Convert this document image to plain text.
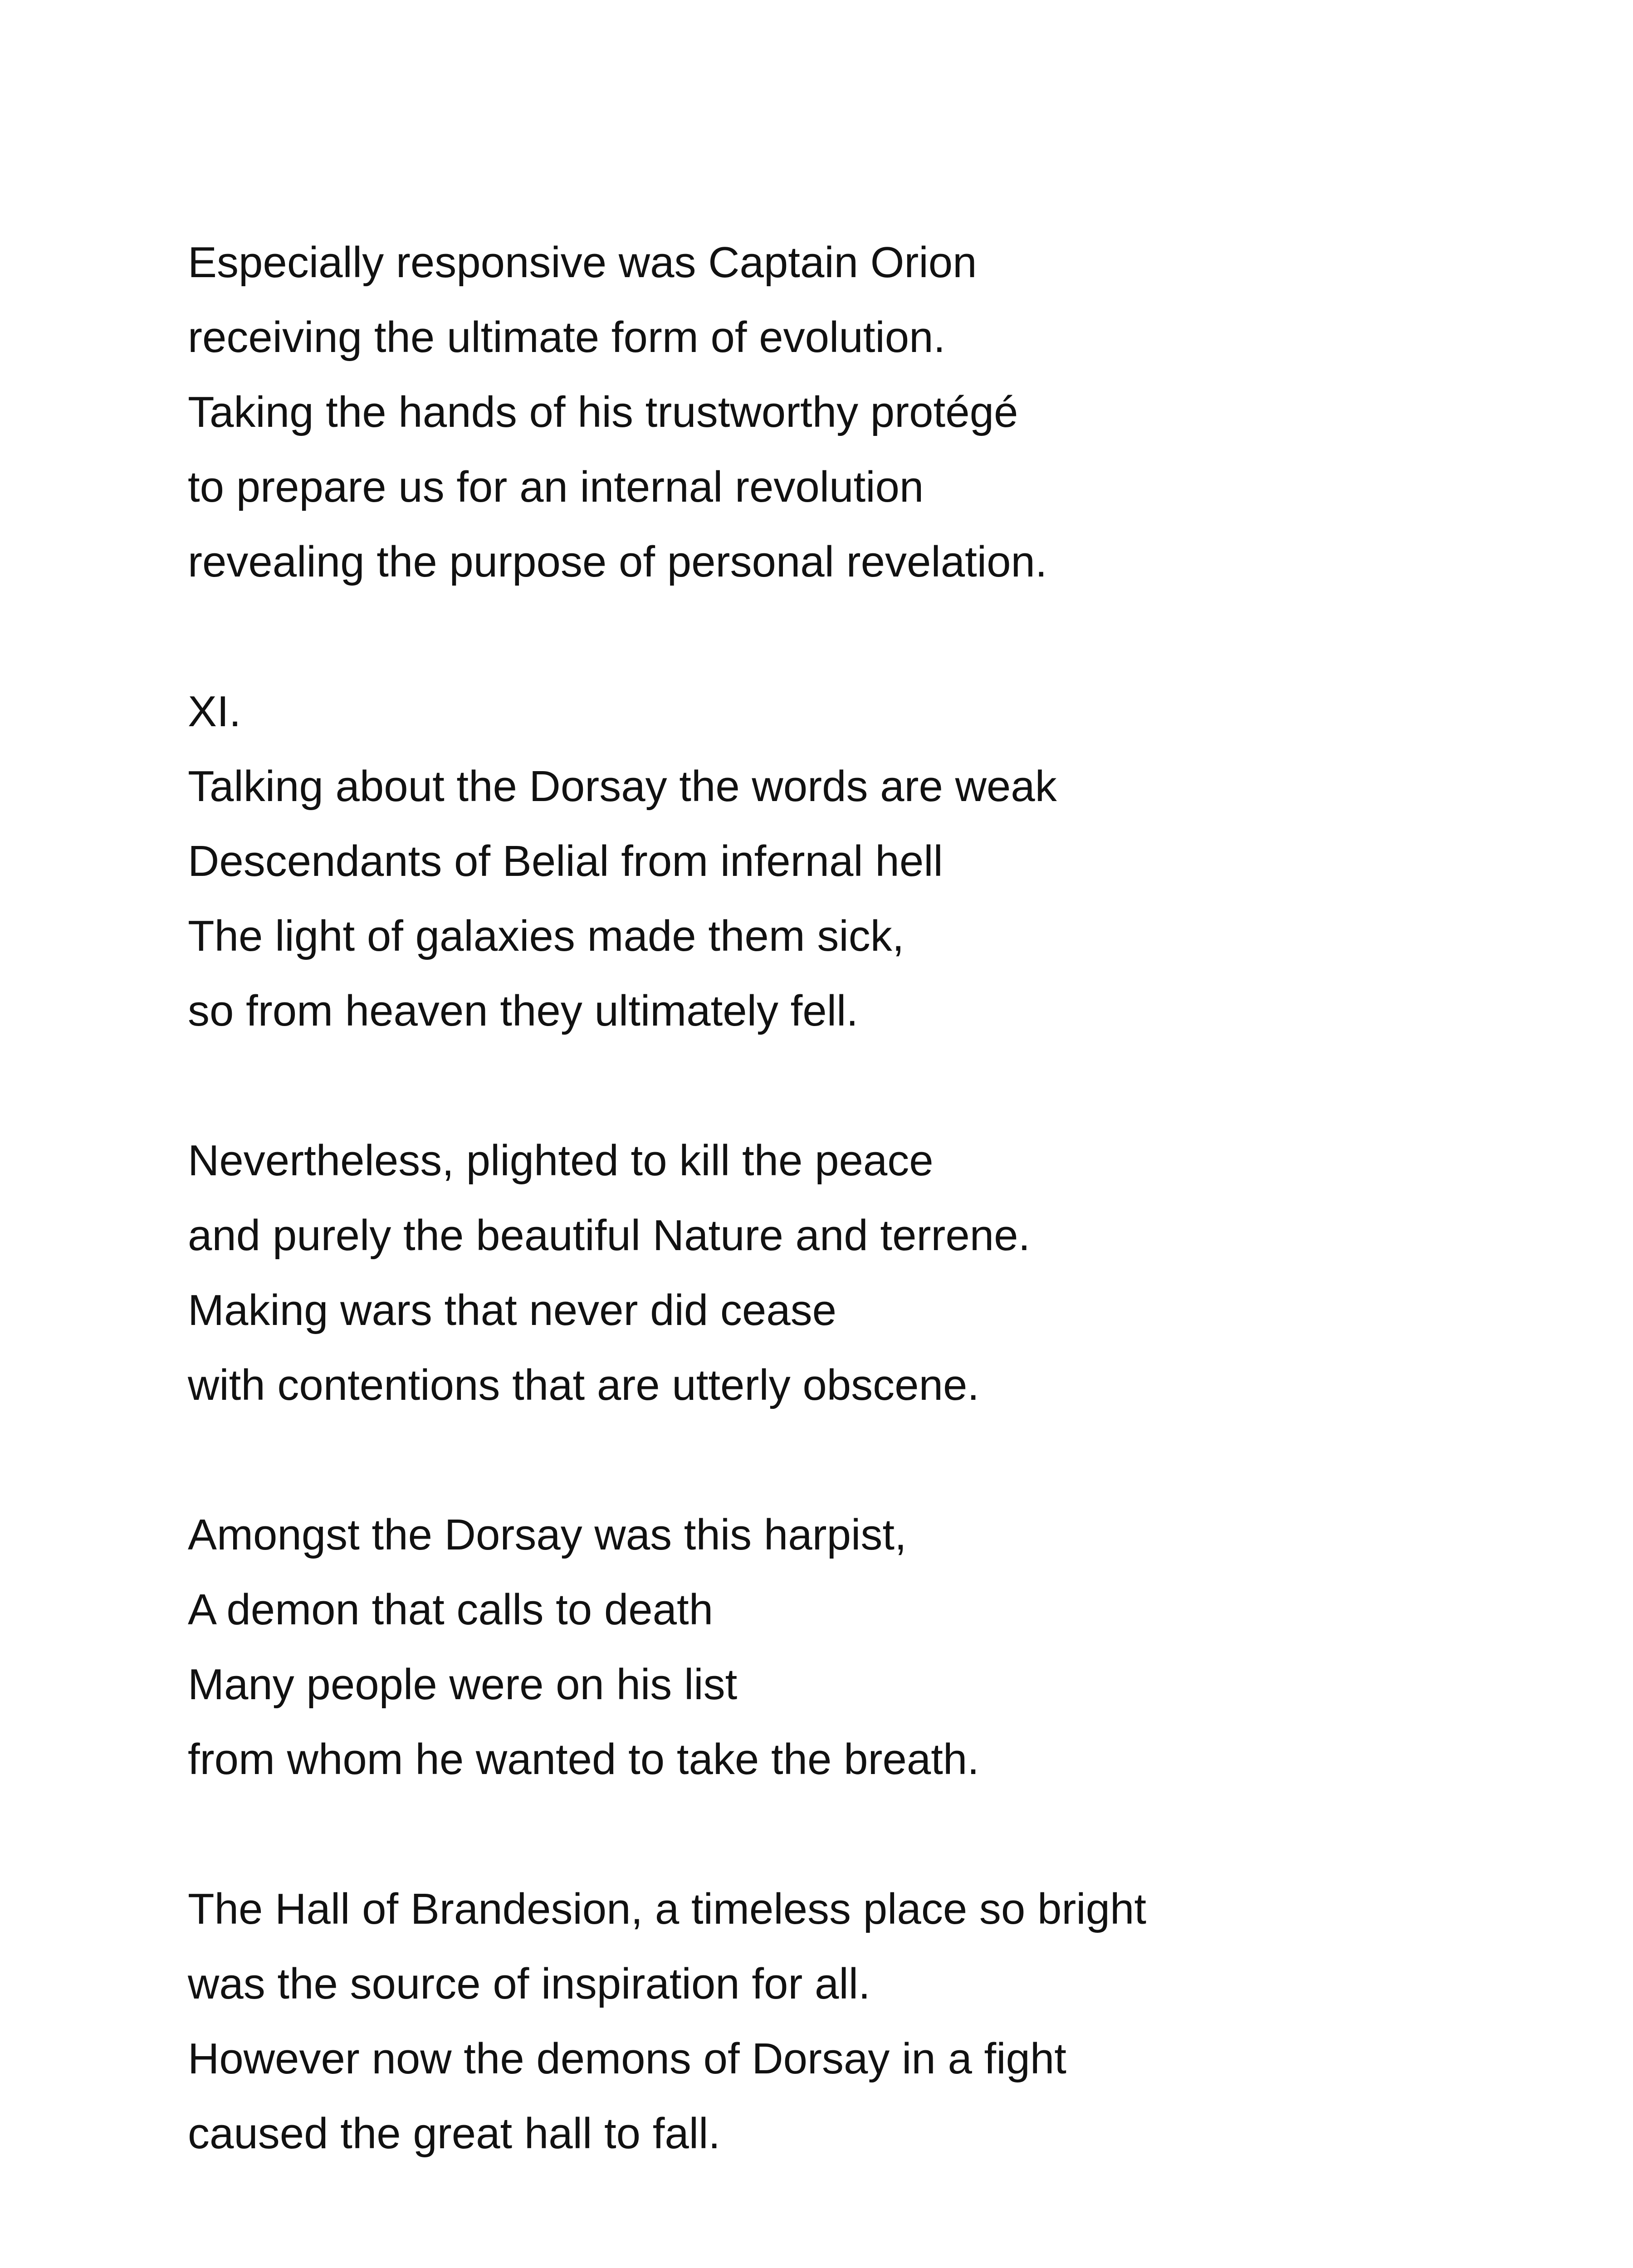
Especially responsive was Captain Orion
receiving the ultimate form of evolution.
Taking the hands of his trustworthy protégé
to prepare us for an internal revolution
revealing the purpose of personal revelation.
XI.
Talking about the Dorsay the words are weak
Descendants of Belial from infernal hell
The light of galaxies made them sick,
so from heaven they ultimately fell.
Nevertheless, plighted to kill the peace
and purely the beautiful Nature and terrene.
Making wars that never did cease
with contentions that are utterly obscene.
Amongst the Dorsay was this harpist,
A demon that calls to death
Many people were on his list
from whom he wanted to take the breath.
The Hall of Brandesion, a timeless place so bright
was the source of inspiration for all.
However now the demons of Dorsay in a fight
caused the great hall to fall.
